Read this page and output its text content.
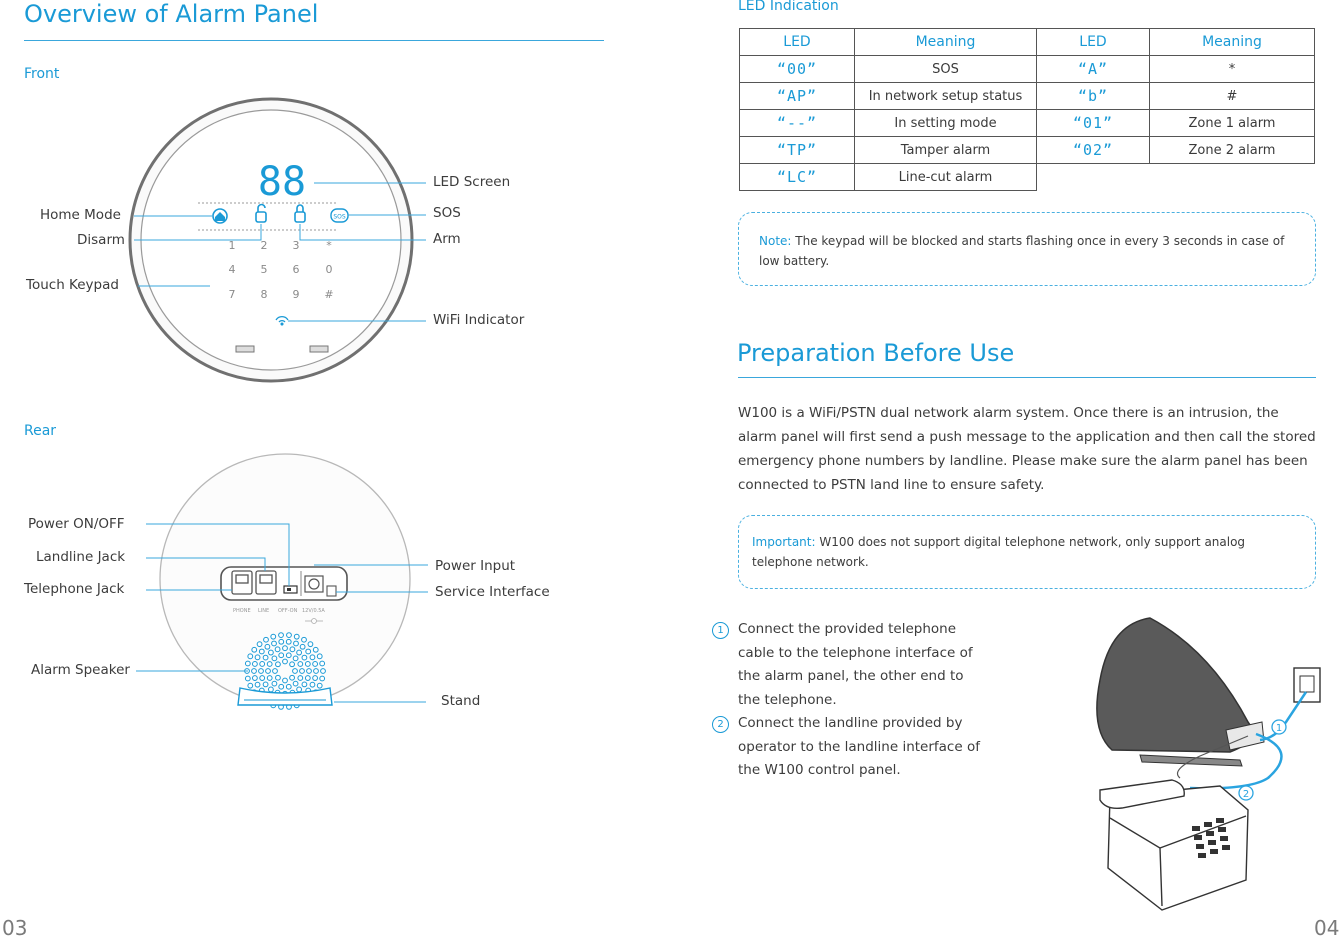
Overview of Alarm Panel
Front
SOS
88
1 2 3 *
4 5 6 0
7 8 9 #
LED Screen
SOS
Arm
WiFi Indicator
Home Mode
Disarm
Touch Keypad
Rear
PHONE LINE OFF-ON 12V/0.5A
Power ON/OFF
Landline Jack
Telephone Jack
Alarm Speaker
Power Input
Service Interface
Stand
03
LED Indication
LED	Meaning	LED	Meaning
“00”	SOS	“A”	*
“AP”	In network setup status	“b”	#
“--”	In setting mode	“01”	Zone 1 alarm
“TP”	Tamper alarm	“02”	Zone 2 alarm
“LC”	Line-cut alarm		
Note: The keypad will be blocked and starts flashing once in every 3 seconds in case of low battery.
Preparation Before Use
W100 is a WiFi/PSTN dual network alarm system. Once there is an intrusion, the alarm panel will first send a push message to the application and then call the stored emergency phone numbers by landline. Please make sure the alarm panel has been connected to PSTN land line to ensure safety.
Important: W100 does not support digital telephone network, only support analog telephone network.
1	Connect the provided telephone cable to the telephone interface of the alarm panel, the other end to the telephone.
2	Connect the landline provided by operator to the landline interface of the W100 control panel.
1
2
04
